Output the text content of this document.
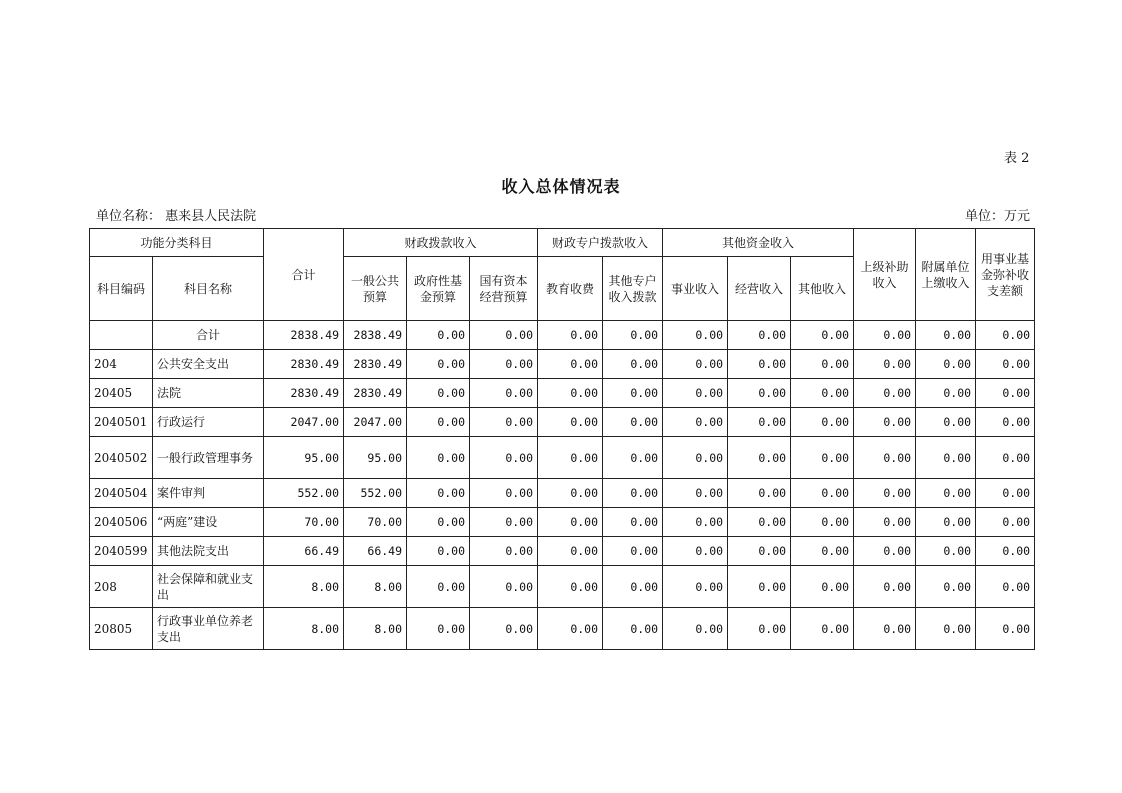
表 2
收入总体情况表
单位名称： 惠来县人民法院	单位：万元
功能分类科目		合计	财政拨款收入			财政专户拨款收入		其他资金收入			上级补助收入	附属单位上缴收入	用事业基金弥补收支差额
科目编码	科目名称		一般公共预算	政府性基金预算	国有资本经营预算	教育收费	其他专户收入拨款	事业收入	经营收入	其他收入			
	合计	2838.49	2838.49	0.00	0.00	0.00	0.00	0.00	0.00	0.00	0.00	0.00	0.00
204	公共安全支出	2830.49	2830.49	0.00	0.00	0.00	0.00	0.00	0.00	0.00	0.00	0.00	0.00
20405	法院	2830.49	2830.49	0.00	0.00	0.00	0.00	0.00	0.00	0.00	0.00	0.00	0.00
2040501	行政运行	2047.00	2047.00	0.00	0.00	0.00	0.00	0.00	0.00	0.00	0.00	0.00	0.00
2040502	一般行政管理事务	95.00	95.00	0.00	0.00	0.00	0.00	0.00	0.00	0.00	0.00	0.00	0.00
2040504	案件审判	552.00	552.00	0.00	0.00	0.00	0.00	0.00	0.00	0.00	0.00	0.00	0.00
2040506	“两庭”建设	70.00	70.00	0.00	0.00	0.00	0.00	0.00	0.00	0.00	0.00	0.00	0.00
2040599	其他法院支出	66.49	66.49	0.00	0.00	0.00	0.00	0.00	0.00	0.00	0.00	0.00	0.00
208	社会保障和就业支出	8.00	8.00	0.00	0.00	0.00	0.00	0.00	0.00	0.00	0.00	0.00	0.00
20805	行政事业单位养老支出	8.00	8.00	0.00	0.00	0.00	0.00	0.00	0.00	0.00	0.00	0.00	0.00
